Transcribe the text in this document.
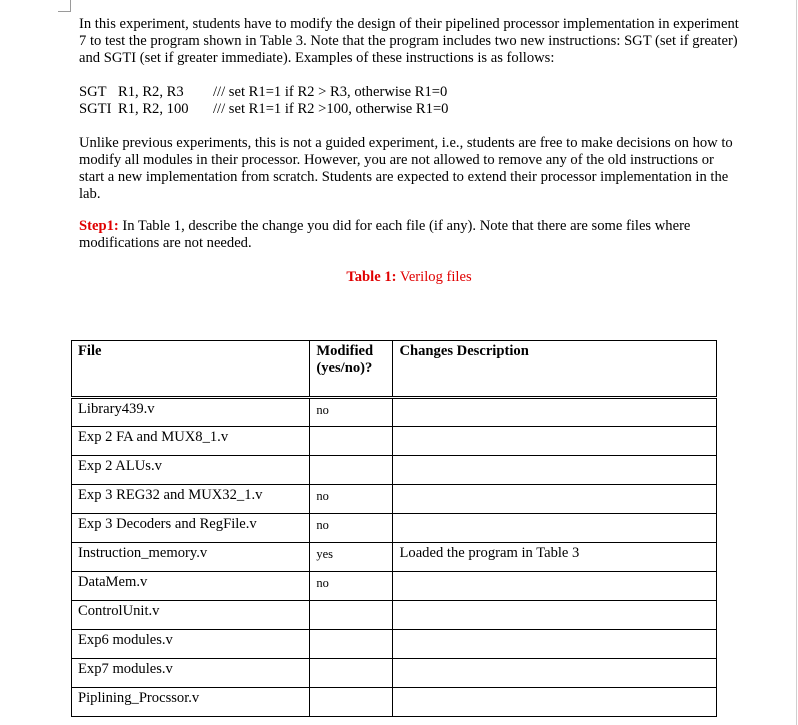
In this experiment, students have to modify the design of their pipelined processor implementation in experiment 7 to test the program shown in Table 3. Note that the program includes two new instructions: SGT (set if greater) and SGTI (set if greater immediate). Examples of these instructions is as follows:

SGT R1, R2, R3	/// set R1=1 if R2 > R3, otherwise R1=0
SGTI R1, R2, 100	/// set R1=1 if R2 >100, otherwise R1=0

Unlike previous experiments, this is not a guided experiment, i.e., students are free to make decisions on how to modify all modules in their processor. However, you are not allowed to remove any of the old instructions or start a new implementation from scratch. Students are expected to extend their processor implementation in the lab.

Step1: In Table 1, describe the change you did for each file (if any). Note that there are some files where modifications are not needed.

Table 1: Verilog files

File	Modified (yes/no)?	Changes Description
Library439.v	no	
Exp 2 FA and MUX8_1.v		
Exp 2 ALUs.v		
Exp 3 REG32 and MUX32_1.v	no	
Exp 3 Decoders and RegFile.v	no	
Instruction_memory.v	yes	Loaded the program in Table 3
DataMem.v	no	
ControlUnit.v		
Exp6 modules.v		
Exp7 modules.v		
Piplining_Procssor.v		
